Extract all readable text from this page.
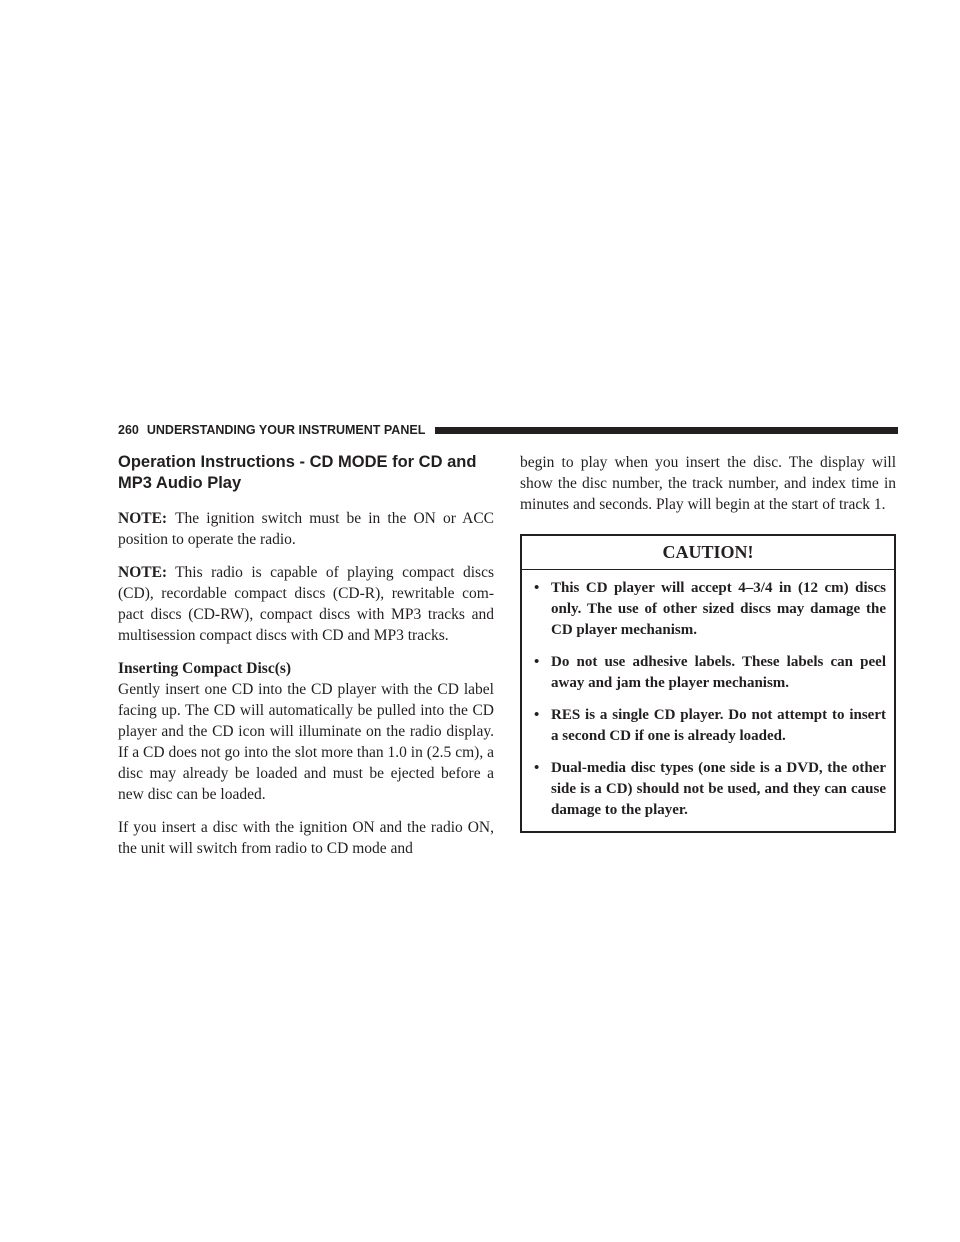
260 UNDERSTANDING YOUR INSTRUMENT PANEL
Operation Instructions - CD MODE for CD and
MP3 Audio Play

NOTE: The ignition switch must be in the ON or ACC position to operate the radio.

NOTE: This radio is capable of playing compact discs (CD), recordable compact discs (CD-R), rewritable com-pact discs (CD-RW), compact discs with MP3 tracks and multisession compact discs with CD and MP3 tracks.

Inserting Compact Disc(s)

Gently insert one CD into the CD player with the CD label facing up. The CD will automatically be pulled into the CD player and the CD icon will illuminate on the radio display. If a CD does not go into the slot more than 1.0 in (2.5 cm), a disc may already be loaded and must be ejected before a new disc can be loaded.

If you insert a disc with the ignition ON and the radio ON, the unit will switch from radio to CD mode and

begin to play when you insert the disc. The display will show the disc number, the track number, and index time in minutes and seconds. Play will begin at the start of track 1.

CAUTION!
• This CD player will accept 4–3/4 in (12 cm) discs only. The use of other sized discs may damage the CD player mechanism.
• Do not use adhesive labels. These labels can peel away and jam the player mechanism.
• RES is a single CD player. Do not attempt to insert a second CD if one is already loaded.
• Dual-media disc types (one side is a DVD, the other side is a CD) should not be used, and they can cause damage to the player.
